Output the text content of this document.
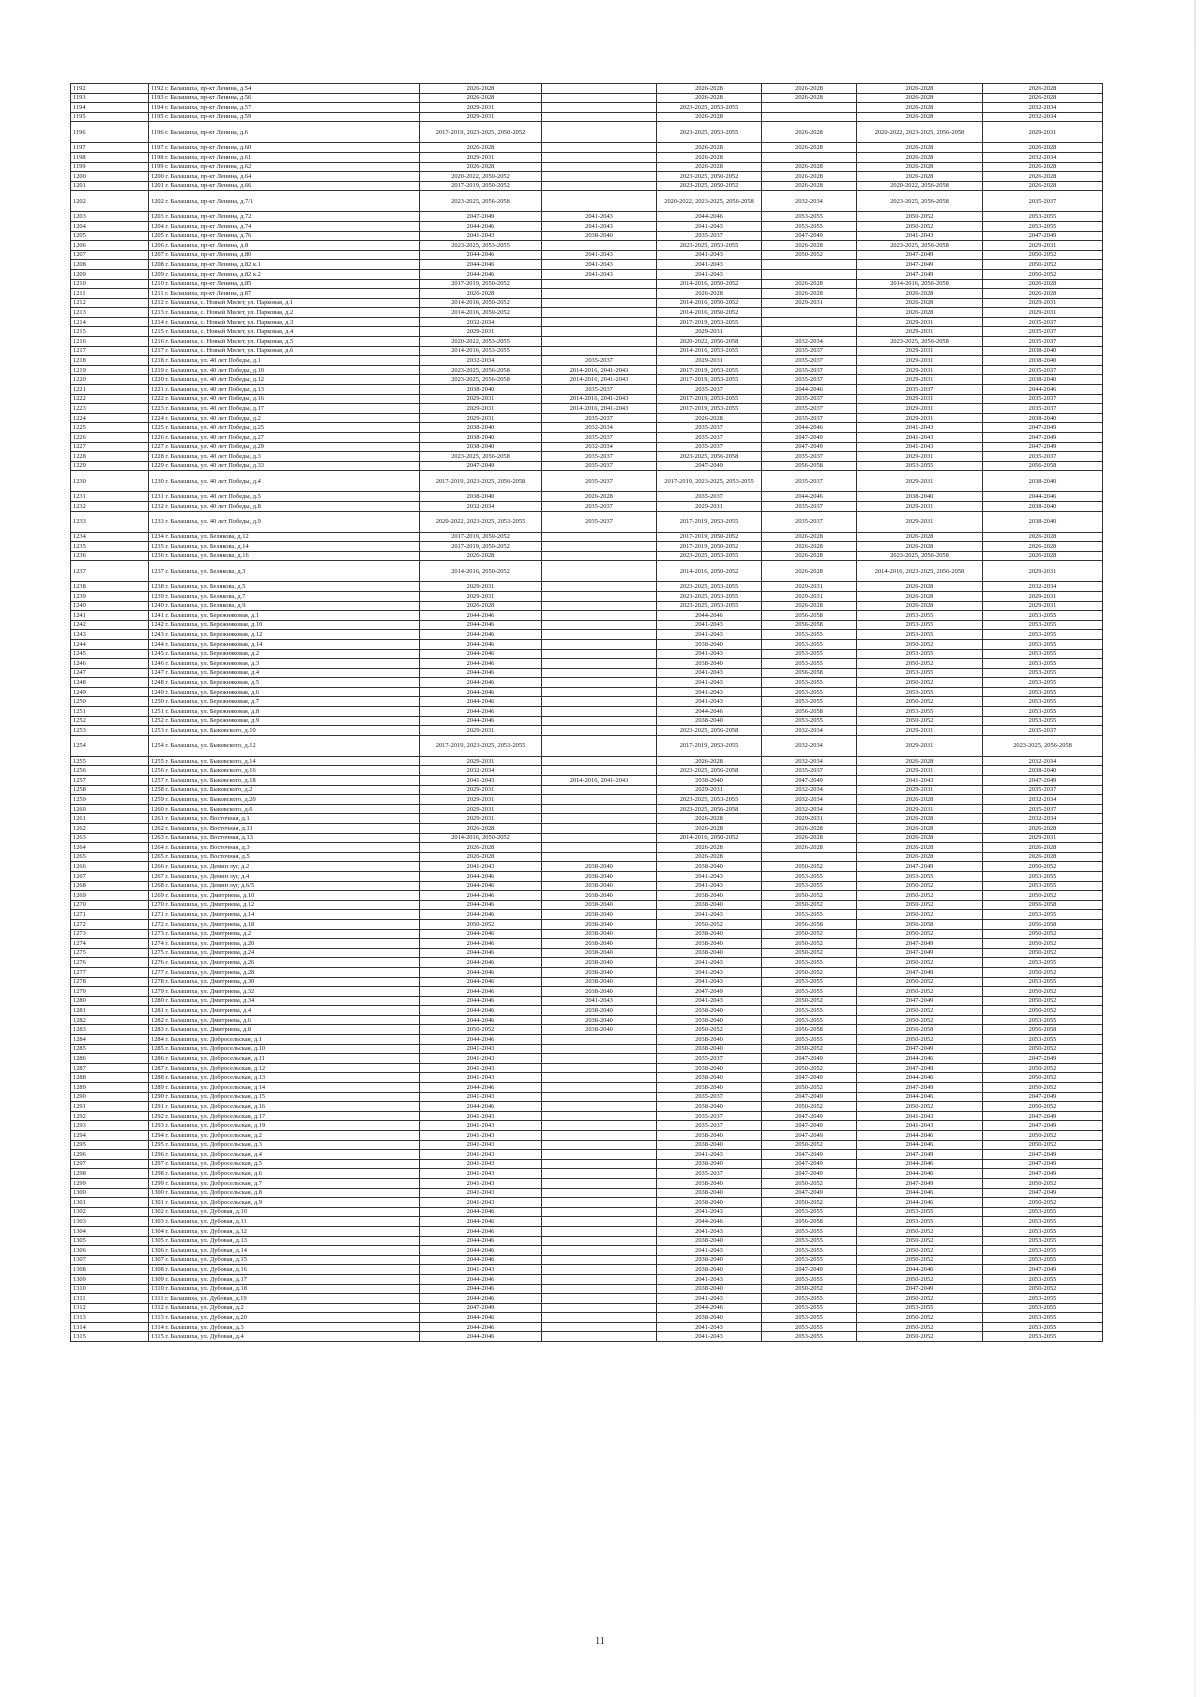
1192	1192 г. Балашиха, пр-кт Ленина, д.54	2026-2028		2026-2028	2026-2028	2026-2028	2026-2028
1193	1193 г. Балашиха, пр-кт Ленина, д.56	2026-2028		2026-2028	2026-2028	2026-2028	2026-2028
1194	1194 г. Балашиха, пр-кт Ленина, д.57	2029-2031		2023-2025, 2053-2055		2026-2028	2032-2034
1195	1195 г. Балашиха, пр-кт Ленина, д.59	2029-2031		2026-2028		2026-2028	2032-2034
1196	1196 г. Балашиха, пр-кт Ленина, д.6	2017-2019, 2023-2025, 2050-2052		2023-2025, 2053-2055	2026-2028	2020-2022, 2023-2025, 2056-2058	2029-2031
1197	1197 г. Балашиха, пр-кт Ленина, д.60	2026-2028		2026-2028	2026-2028	2026-2028	2026-2028
1198	1198 г. Балашиха, пр-кт Ленина, д.61	2029-2031		2026-2028		2026-2028	2032-2034
1199	1199 г. Балашиха, пр-кт Ленина, д.62	2026-2028		2026-2028	2026-2028	2026-2028	2026-2028
1200	1200 г. Балашиха, пр-кт Ленина, д.64	2020-2022, 2050-2052		2023-2025, 2050-2052	2026-2028	2026-2028	2026-2028
1201	1201 г. Балашиха, пр-кт Ленина, д.66	2017-2019, 2050-2052		2023-2025, 2050-2052	2026-2028	2020-2022, 2056-2058	2026-2028
1202	1202 г. Балашиха, пр-кт Ленина, д.7/1	2023-2025, 2056-2058		2020-2022, 2023-2025, 2056-2058	2032-2034	2023-2025, 2056-2058	2035-2037
1203	1203 г. Балашиха, пр-кт Ленина, д.72	2047-2049	2041-2043	2044-2046	2053-2055	2050-2052	2053-2055
1204	1204 г. Балашиха, пр-кт Ленина, д.74	2044-2046	2041-2043	2041-2043	2053-2055	2050-2052	2053-2055
1205	1205 г. Балашиха, пр-кт Ленина, д.76	2041-2043	2038-2040	2035-2037	2047-2049	2041-2043	2047-2049
1206	1206 г. Балашиха, пр-кт Ленина, д.8	2023-2025, 2053-2055		2023-2025, 2053-2055	2026-2028	2023-2025, 2056-2058	2029-2031
1207	1207 г. Балашиха, пр-кт Ленина, д.80	2044-2046	2041-2043	2041-2043	2050-2052	2047-2049	2050-2052
1208	1208 г. Балашиха, пр-кт Ленина, д.82 к.1	2044-2046	2041-2043	2041-2043		2047-2049	2050-2052
1209	1209 г. Балашиха, пр-кт Ленина, д.82 к.2	2044-2046	2041-2043	2041-2043		2047-2049	2050-2052
1210	1210 г. Балашиха, пр-кт Ленина, д.85	2017-2019, 2050-2052		2014-2016, 2050-2052	2026-2028	2014-2016, 2056-2058	2026-2028
1211	1211 г. Балашиха, пр-кт Ленина, д.87	2026-2028		2026-2028	2026-2028	2026-2028	2026-2028
1212	1212 г. Балашиха, с. Новый Милет, ул. Парковая, д.1	2014-2016, 2050-2052		2014-2016, 2050-2052	2029-2031	2026-2028	2029-2031
1213	1213 г. Балашиха, с. Новый Милет, ул. Парковая, д.2	2014-2016, 2050-2052		2014-2016, 2050-2052		2026-2028	2029-2031
1214	1214 г. Балашиха, с. Новый Милет, ул. Парковая, д.3	2032-2034		2017-2019, 2053-2055		2029-2031	2035-2037
1215	1215 г. Балашиха, с. Новый Милет, ул. Парковая, д.4	2029-2031		2029-2031		2029-2031	2035-2037
1216	1216 г. Балашиха, с. Новый Милет, ул. Парковая, д.5	2020-2022, 2053-2055		2020-2022, 2056-2058	2032-2034	2023-2025, 2056-2058	2035-2037
1217	1217 г. Балашиха, с. Новый Милет, ул. Парковая, д.6	2014-2016, 2053-2055		2014-2016, 2053-2055	2035-2037	2029-2031	2038-2040
1218	1218 г. Балашиха, ул. 40 лет Победы, д.1	2032-2034	2035-2037	2029-2031	2035-2037	2029-2031	2038-2040
1219	1219 г. Балашиха, ул. 40 лет Победы, д.10	2023-2025, 2056-2058	2014-2016, 2041-2043	2017-2019, 2053-2055	2035-2037	2029-2031	2035-2037
1220	1220 г. Балашиха, ул. 40 лет Победы, д.12	2023-2025, 2056-2058	2014-2016, 2041-2043	2017-2019, 2053-2055	2035-2037	2029-2031	2038-2040
1221	1221 г. Балашиха, ул. 40 лет Победы, д.13	2038-2040	2035-2037	2035-2037	2044-2046	2035-2037	2044-2046
1222	1222 г. Балашиха, ул. 40 лет Победы, д.16	2029-2031	2014-2016, 2041-2043	2017-2019, 2053-2055	2035-2037	2029-2031	2035-2037
1223	1223 г. Балашиха, ул. 40 лет Победы, д.17	2029-2031	2014-2016, 2041-2043	2017-2019, 2053-2055	2035-2037	2029-2031	2035-2037
1224	1224 г. Балашиха, ул. 40 лет Победы, д.2	2029-2031	2035-2037	2026-2028	2035-2037	2029-2031	2038-2040
1225	1225 г. Балашиха, ул. 40 лет Победы, д.25	2038-2040	2032-2034	2035-2037	2044-2046	2041-2043	2047-2049
1226	1226 г. Балашиха, ул. 40 лет Победы, д.27	2038-2040	2035-2037	2035-2037	2047-2049	2041-2043	2047-2049
1227	1227 г. Балашиха, ул. 40 лет Победы, д.29	2038-2040	2032-2034	2035-2037	2047-2049	2041-2043	2047-2049
1228	1228 г. Балашиха, ул. 40 лет Победы, д.3	2023-2025, 2056-2058	2035-2037	2023-2025, 2056-2058	2035-2037	2029-2031	2035-2037
1229	1229 г. Балашиха, ул. 40 лет Победы, д.33	2047-2049	2035-2037	2047-2049	2056-2058	2053-2055	2056-2058
1230	1230 г. Балашиха, ул. 40 лет Победы, д.4	2017-2019, 2023-2025, 2056-2058	2035-2037	2017-2019, 2023-2025, 2053-2055	2035-2037	2029-2031	2038-2040
1231	1231 г. Балашиха, ул. 40 лет Победы, д.5	2038-2040	2026-2028	2035-2037	2044-2046	2038-2040	2044-2046
1232	1232 г. Балашиха, ул. 40 лет Победы, д.8	2032-2034	2035-2037	2029-2031	2035-2037	2029-2031	2038-2040
1233	1233 г. Балашиха, ул. 40 лет Победы, д.9	2020-2022, 2023-2025, 2053-2055	2035-2037	2017-2019, 2053-2055	2035-2037	2029-2031	2038-2040
1234	1234 г. Балашиха, ул. Белякова, д.12	2017-2019, 2050-2052		2017-2019, 2050-2052	2026-2028	2026-2028	2026-2028
1235	1235 г. Балашиха, ул. Белякова, д.14	2017-2019, 2050-2052		2017-2019, 2050-2052	2026-2028	2026-2028	2026-2028
1236	1236 г. Балашиха, ул. Белякова, д.16	2026-2028		2023-2025, 2053-2055	2026-2028	2023-2025, 2056-2058	2026-2028
1237	1237 г. Балашиха, ул. Белякова, д.3	2014-2016, 2050-2052		2014-2016, 2050-2052	2026-2028	2014-2016, 2023-2025, 2056-2058	2029-2031
1238	1238 г. Балашиха, ул. Белякова, д.5	2029-2031		2023-2025, 2053-2055	2029-2031	2026-2028	2032-2034
1239	1239 г. Балашиха, ул. Белякова, д.7	2029-2031		2023-2025, 2053-2055	2029-2031	2026-2028	2029-2031
1240	1240 г. Балашиха, ул. Белякова, д.9	2026-2028		2023-2025, 2053-2055	2026-2028	2026-2028	2029-2031
1241	1241 г. Балашиха, ул. Бережняковая, д.1	2044-2046		2044-2046	2056-2058	2053-2055	2053-2055
1242	1242 г. Балашиха, ул. Бережняковая, д.10	2044-2046		2041-2043	2056-2058	2053-2055	2053-2055
1243	1243 г. Балашиха, ул. Бережняковая, д.12	2044-2046		2041-2043	2053-2055	2053-2055	2053-2055
1244	1244 г. Балашиха, ул. Бережняковая, д.14	2044-2046		2038-2040	2053-2055	2050-2052	2053-2055
1245	1245 г. Балашиха, ул. Бережняковая, д.2	2044-2046		2041-2043	2053-2055	2053-2055	2053-2055
1246	1246 г. Балашиха, ул. Бережняковая, д.3	2044-2046		2038-2040	2053-2055	2050-2052	2053-2055
1247	1247 г. Балашиха, ул. Бережняковая, д.4	2044-2046		2041-2043	2056-2058	2053-2055	2053-2055
1248	1248 г. Балашиха, ул. Бережняковая, д.5	2044-2046		2041-2043	2053-2055	2050-2052	2053-2055
1249	1249 г. Балашиха, ул. Бережняковая, д.6	2044-2046		2041-2043	2053-2055	2053-2055	2053-2055
1250	1250 г. Балашиха, ул. Бережняковая, д.7	2044-2046		2041-2043	2053-2055	2050-2052	2053-2055
1251	1251 г. Балашиха, ул. Бережняковая, д.8	2044-2046		2044-2046	2056-2058	2053-2055	2053-2055
1252	1252 г. Балашиха, ул. Бережняковая, д.9	2044-2046		2038-2040	2053-2055	2050-2052	2053-2055
1253	1253 г. Балашиха, ул. Быковского, д.10	2029-2031		2023-2025, 2056-2058	2032-2034	2029-2031	2035-2037
1254	1254 г. Балашиха, ул. Быковского, д.12	2017-2019, 2023-2025, 2053-2055		2017-2019, 2053-2055	2032-2034	2029-2031	2023-2025, 2056-2058
1255	1255 г. Балашиха, ул. Быковского, д.14	2029-2031		2026-2028	2032-2034	2026-2028	2032-2034
1256	1256 г. Балашиха, ул. Быковского, д.16	2032-2034		2023-2025, 2056-2058	2035-2037	2029-2031	2038-2040
1257	1257 г. Балашиха, ул. Быковского, д.18	2041-2043	2014-2016, 2041-2043	2038-2040	2047-2049	2041-2043	2047-2049
1258	1258 г. Балашиха, ул. Быковского, д.2	2029-2031		2029-2031	2032-2034	2029-2031	2035-2037
1259	1259 г. Балашиха, ул. Быковского, д.20	2029-2031		2023-2025, 2053-2055	2032-2034	2026-2028	2032-2034
1260	1260 г. Балашиха, ул. Быковского, д.6	2029-2031		2023-2025, 2056-2058	2032-2034	2029-2031	2035-2037
1261	1261 г. Балашиха, ул. Восточная, д.1	2029-2031		2026-2028	2029-2031	2026-2028	2032-2034
1262	1262 г. Балашиха, ул. Восточная, д.11	2026-2028		2026-2028	2026-2028	2026-2028	2026-2028
1263	1263 г. Балашиха, ул. Восточная, д.13	2014-2016, 2050-2052		2014-2016, 2050-2052	2026-2028	2026-2028	2029-2031
1264	1264 г. Балашиха, ул. Восточная, д.3	2026-2028		2026-2028	2026-2028	2026-2028	2026-2028
1265	1265 г. Балашиха, ул. Восточная, д.5	2026-2028		2026-2028		2026-2028	2026-2028
1266	1266 г. Балашиха, ул. Демин луг, д.2	2041-2043	2038-2040	2038-2040	2050-2052	2047-2049	2050-2052
1267	1267 г. Балашиха, ул. Демин луг, д.4	2044-2046	2038-2040	2041-2043	2053-2055	2053-2055	2053-2055
1268	1268 г. Балашиха, ул. Демин луг, д.6/5	2044-2046	2038-2040	2041-2043	2053-2055	2050-2052	2053-2055
1269	1269 г. Балашиха, ул. Дмитриева, д.10	2044-2046	2038-2040	2038-2040	2050-2052	2050-2052	2050-2052
1270	1270 г. Балашиха, ул. Дмитриева, д.12	2044-2046	2038-2040	2038-2040	2050-2052	2050-2052	2056-2058
1271	1271 г. Балашиха, ул. Дмитриева, д.14	2044-2046	2038-2040	2041-2043	2053-2055	2050-2052	2053-2055
1272	1272 г. Балашиха, ул. Дмитриева, д.18	2050-2052	2038-2040	2050-2052	2056-2058	2056-2058	2056-2058
1273	1273 г. Балашиха, ул. Дмитриева, д.2	2044-2046	2038-2040	2038-2040	2050-2052	2050-2052	2050-2052
1274	1274 г. Балашиха, ул. Дмитриева, д.20	2044-2046	2038-2040	2038-2040	2050-2052	2047-2049	2050-2052
1275	1275 г. Балашиха, ул. Дмитриева, д.24	2044-2046	2038-2040	2038-2040	2050-2052	2047-2049	2050-2052
1276	1276 г. Балашиха, ул. Дмитриева, д.26	2044-2046	2038-2040	2041-2043	2053-2055	2050-2052	2053-2055
1277	1277 г. Балашиха, ул. Дмитриева, д.28	2044-2046	2038-2040	2041-2043	2050-2052	2047-2049	2050-2052
1278	1278 г. Балашиха, ул. Дмитриева, д.30	2044-2046	2038-2040	2041-2043	2053-2055	2050-2052	2053-2055
1279	1279 г. Балашиха, ул. Дмитриева, д.32	2044-2046	2038-2040	2047-2049	2053-2055	2050-2052	2050-2052
1280	1280 г. Балашиха, ул. Дмитриева, д.34	2044-2046	2041-2043	2041-2043	2050-2052	2047-2049	2050-2052
1281	1281 г. Балашиха, ул. Дмитриева, д.4	2044-2046	2038-2040	2038-2040	2053-2055	2050-2052	2050-2052
1282	1282 г. Балашиха, ул. Дмитриева, д.6	2044-2046	2038-2040	2038-2040	2053-2055	2050-2052	2053-2055
1283	1283 г. Балашиха, ул. Дмитриева, д.8	2050-2052	2038-2040	2050-2052	2056-2058	2056-2058	2056-2058
1284	1284 г. Балашиха, ул. Добросельская, д.1	2044-2046		2038-2040	2053-2055	2050-2052	2053-2055
1285	1285 г. Балашиха, ул. Добросельская, д.10	2041-2043		2038-2040	2050-2052	2047-2049	2050-2052
1286	1286 г. Балашиха, ул. Добросельская, д.11	2041-2043		2035-2037	2047-2049	2044-2046	2047-2049
1287	1287 г. Балашиха, ул. Добросельская, д.12	2041-2043		2038-2040	2050-2052	2047-2049	2050-2052
1288	1288 г. Балашиха, ул. Добросельская, д.13	2041-2043		2038-2040	2047-2049	2044-2046	2050-2052
1289	1289 г. Балашиха, ул. Добросельская, д.14	2044-2046		2038-2040	2050-2052	2047-2049	2050-2052
1290	1290 г. Балашиха, ул. Добросельская, д.15	2041-2043		2035-2037	2047-2049	2044-2046	2047-2049
1291	1291 г. Балашиха, ул. Добросельская, д.16	2044-2046		2038-2040	2050-2052	2050-2052	2050-2052
1292	1292 г. Балашиха, ул. Добросельская, д.17	2041-2043		2035-2037	2047-2049	2041-2043	2047-2049
1293	1293 г. Балашиха, ул. Добросельская, д.19	2041-2043		2035-2037	2047-2049	2041-2043	2047-2049
1294	1294 г. Балашиха, ул. Добросельская, д.2	2041-2043		2038-2040	2047-2049	2044-2046	2050-2052
1295	1295 г. Балашиха, ул. Добросельская, д.3	2041-2043		2038-2040	2050-2052	2044-2046	2050-2052
1296	1296 г. Балашиха, ул. Добросельская, д.4	2041-2043		2041-2043	2047-2049	2047-2049	2047-2049
1297	1297 г. Балашиха, ул. Добросельская, д.5	2041-2043		2038-2040	2047-2049	2044-2046	2047-2049
1298	1298 г. Балашиха, ул. Добросельская, д.6	2041-2043		2035-2037	2047-2049	2044-2046	2047-2049
1299	1299 г. Балашиха, ул. Добросельская, д.7	2041-2043		2038-2040	2050-2052	2047-2049	2050-2052
1300	1300 г. Балашиха, ул. Добросельская, д.8	2041-2043		2038-2040	2047-2049	2044-2046	2047-2049
1301	1301 г. Балашиха, ул. Добросельская, д.9	2041-2043		2038-2040	2050-2052	2044-2046	2050-2052
1302	1302 г. Балашиха, ул. Дубовая, д.10	2044-2046		2041-2043	2053-2055	2053-2055	2053-2055
1303	1303 г. Балашиха, ул. Дубовая, д.11	2044-2046		2044-2046	2056-2058	2053-2055	2053-2055
1304	1304 г. Балашиха, ул. Дубовая, д.12	2044-2046		2041-2043	2053-2055	2050-2052	2053-2055
1305	1305 г. Балашиха, ул. Дубовая, д.13	2044-2046		2038-2040	2053-2055	2050-2052	2053-2055
1306	1306 г. Балашиха, ул. Дубовая, д.14	2044-2046		2041-2043	2053-2055	2050-2052	2053-2055
1307	1307 г. Балашиха, ул. Дубовая, д.15	2044-2046		2038-2040	2053-2055	2050-2052	2053-2055
1308	1308 г. Балашиха, ул. Дубовая, д.16	2041-2043		2038-2040	2047-2049	2044-2046	2047-2049
1309	1309 г. Балашиха, ул. Дубовая, д.17	2044-2046		2041-2043	2053-2055	2050-2052	2053-2055
1310	1310 г. Балашиха, ул. Дубовая, д.18	2044-2046		2038-2040	2050-2052	2047-2049	2050-2052
1311	1311 г. Балашиха, ул. Дубовая, д.19	2044-2046		2041-2043	2053-2055	2050-2052	2053-2055
1312	1312 г. Балашиха, ул. Дубовая, д.2	2047-2049		2044-2046	2053-2055	2053-2055	2053-2055
1313	1313 г. Балашиха, ул. Дубовая, д.20	2044-2046		2038-2040	2053-2055	2050-2052	2053-2055
1314	1314 г. Балашиха, ул. Дубовая, д.3	2044-2046		2041-2043	2053-2055	2050-2052	2053-2055
1315	1315 г. Балашиха, ул. Дубовая, д.4	2044-2046		2041-2043	2053-2055	2050-2052	2053-2055
11
